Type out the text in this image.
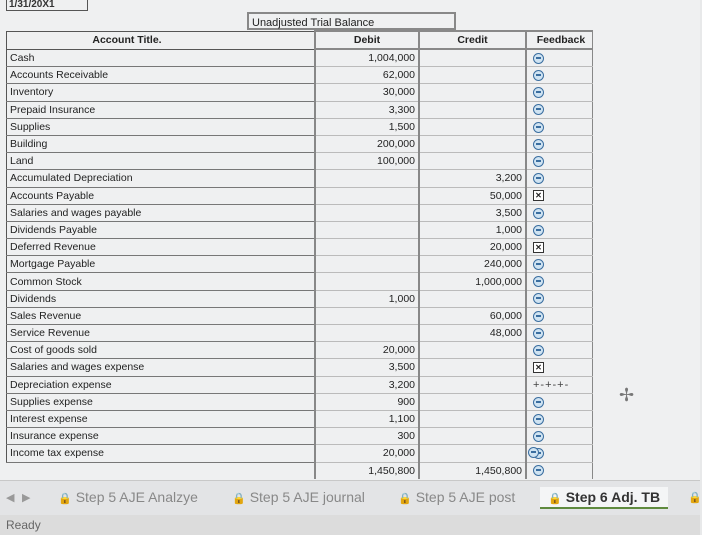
1/31/20X1
Unadjusted Trial Balance
Account Title.	Debit	Credit	Feedback
Cash	1,004,000		
Accounts Receivable	62,000		
Inventory	30,000		
Prepaid Insurance	3,300		
Supplies	1,500		
Building	200,000		
Land	100,000		
Accumulated Depreciation		3,200	
Accounts Payable		50,000	✕
Salaries and wages payable		3,500	
Dividends Payable		1,000	
Deferred Revenue		20,000	✕
Mortgage Payable		240,000	
Common Stock		1,000,000	
Dividends	1,000		
Sales Revenue		60,000	
Service Revenue		48,000	
Cost of goods sold	20,000		
Salaries and wages expense	3,500		✕
Depreciation expense	3,200		+-+-+-
Supplies expense	900		
Interest expense	1,100		
Insurance expense	300		
Income tax expense	20,000		
	1,450,800	1,450,800	
✢
◀ ▶	🔒 Step 5 AJE Analzye	🔒 Step 5 AJE journal	🔒 Step 5 AJE post	🔒 Step 6 Adj. TB	🔒
Ready
